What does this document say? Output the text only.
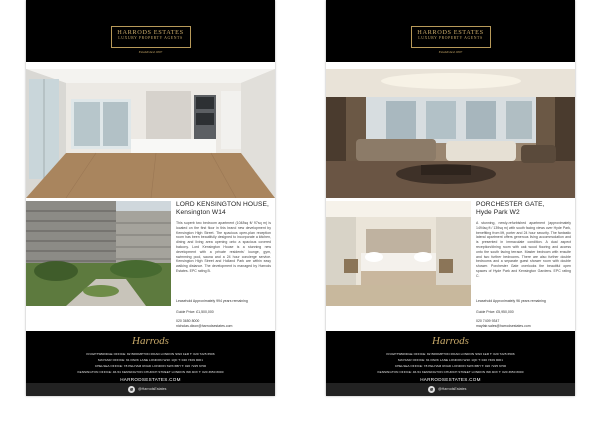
HARRODS ESTATES
LUXURY PROPERTY AGENTS
Established 1897
LORD KENSINGTON HOUSE,
Kensington W14
This superb two bedroom apartment (1048sq ft/ 97sq m) is located on the first floor in this brand new development by Kensington High Street. The spacious open-plan reception room has been beautifully designed to incorporate a kitchen, dining and living area opening onto a spacious covered balcony. Lord Kensington House is a stunning new development with a private residents' lounge, gym, swimming pool, sauna and a 24 hour concierge service. Kensington High Street and Holland Park are within easy walking distance. The development is managed by Harrods Estates. EPC rating B.
Leasehold Approximately 994 years remaining
Guide Price: £1,500,000
020 3650 8000
nicholas.dixon@harrodsestates.com
Harrods
KNIGHTSBRIDGE OFFICE: 82 BROMPTON ROAD LONDON SW3 1ER T: 020 7225 6506
MAYFAIR OFFICE: 61 PARK LANE LONDON W1K 1QF T: 020 7409 9001
CHELSEA OFFICE: 78 PELHAM ROAD LONDON SW3 6BH T: 020 7225 6700
KENSINGTON OFFICE: 46-54 KENSINGTON CHURCH STREET LONDON W8 4DX T: 020 3650 8000
HARRODSESTATES.COM
@HarrodsEstates
HARRODS ESTATES
LUXURY PROPERTY AGENTS
Established 1897
PORCHESTER GATE,
Hyde Park W2
A stunning, newly-refurbished apartment (approximately 1494sq ft / 139sq m) with south facing views over Hyde Park, benefiting from lift, porter and 24 hour security. The fantastic lateral apartment offers generous living accommodation and is presented in immaculate condition. A dual aspect reception/dining room with oak wood flooring and access onto the south facing terrace. Master bedroom with ensuite and two further bedrooms. There are also further double bedrooms and a separate guest shower room with double shower. Porchester Gate overlooks the beautiful open spaces of Hyde Park and Kensington Gardens. EPC rating C.
Leasehold Approximately 96 years remaining
Guide Price: £5,950,000
020 7409 9347
mayfair.sales@harrodsestates.com
Harrods
KNIGHTSBRIDGE OFFICE: 82 BROMPTON ROAD LONDON SW3 1ER T: 020 7225 6506
MAYFAIR OFFICE: 61 PARK LANE LONDON W1K 1QF T: 020 7409 9001
CHELSEA OFFICE: 78 PELHAM ROAD LONDON SW3 6BH T: 020 7225 6700
KENSINGTON OFFICE: 46-54 KENSINGTON CHURCH STREET LONDON W8 4DX T: 020 3650 8000
HARRODSESTATES.COM
@HarrodsEstates
